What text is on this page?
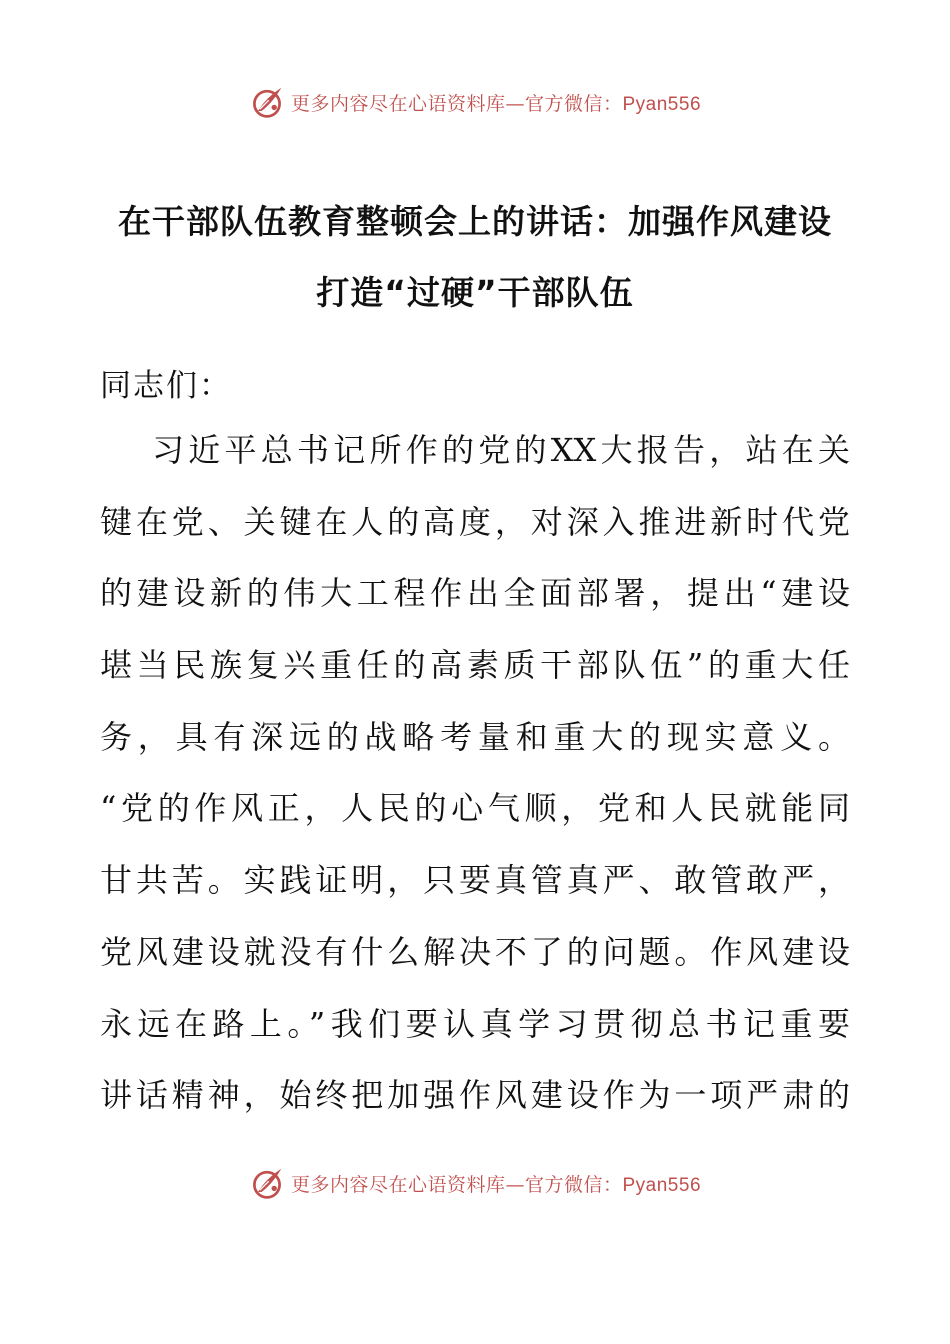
更多内容尽在心语资料库—官方微信：Pyan556
在干部队伍教育整顿会上的讲话：加强作风建设
打造“过硬”干部队伍

同志们：

习近平总书记所作的党的XX大报告，站在关
键在党、关键在人的高度，对深入推进新时代党
的建设新的伟大工程作出全面部署，提出“建设
堪当民族复兴重任的高素质干部队伍”的重大任
务，具有深远的战略考量和重大的现实意义。
“党的作风正，人民的心气顺，党和人民就能同
甘共苦。实践证明，只要真管真严、敢管敢严，
党风建设就没有什么解决不了的问题。作风建设
永远在路上。”我们要认真学习贯彻总书记重要
讲话精神，始终把加强作风建设作为一项严肃的
更多内容尽在心语资料库—官方微信：Pyan556
